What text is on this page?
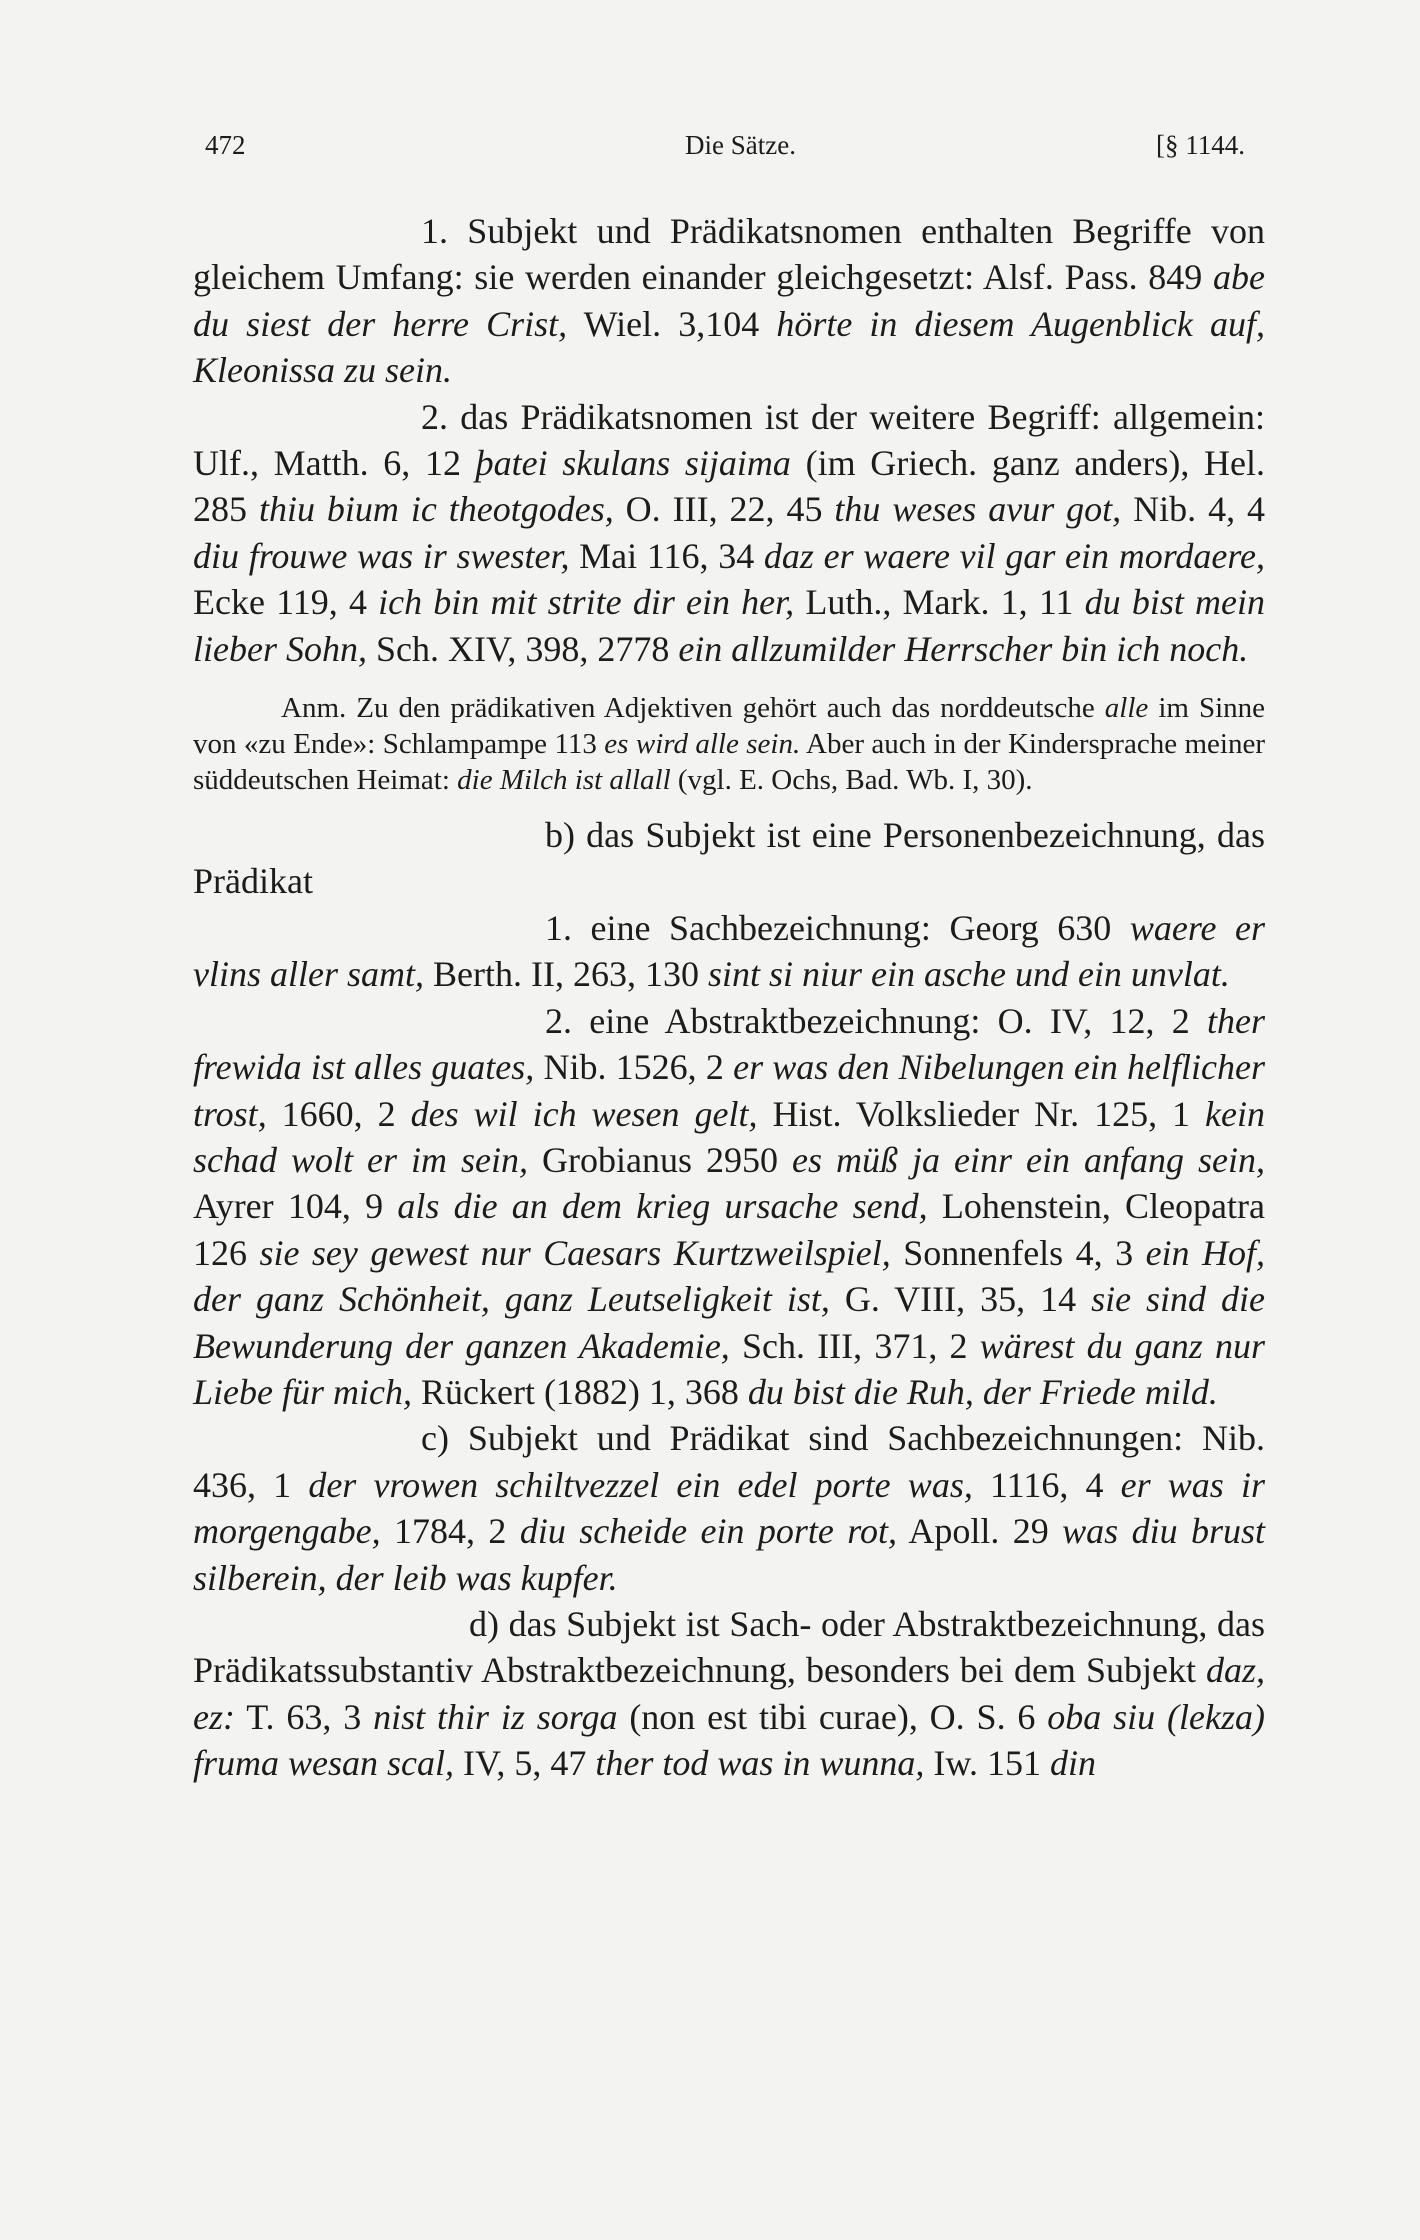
472	Die Sätze.	[§ 1144.

1. Subjekt und Prädikatsnomen enthalten Begriffe von gleichem Umfang: sie werden einander gleichgesetzt: Alsf. Pass. 849 abe du siest der herre Crist, Wiel. 3,104 hörte in diesem Augenblick auf, Kleonissa zu sein.

2. das Prädikatsnomen ist der weitere Begriff: allgemein: Ulf., Matth. 6, 12 þatei skulans sijaima (im Griech. ganz anders), Hel. 285 thiu bium ic theotgodes, O. III, 22, 45 thu weses avur got, Nib. 4, 4 diu frouwe was ir swester, Mai 116, 34 daz er waere vil gar ein mordaere, Ecke 119, 4 ich bin mit strite dir ein her, Luth., Mark. 1, 11 du bist mein lieber Sohn, Sch. XIV, 398, 2778 ein allzumilder Herrscher bin ich noch.

Anm. Zu den prädikativen Adjektiven gehört auch das norddeutsche alle im Sinne von «zu Ende»: Schlampampe 113 es wird alle sein. Aber auch in der Kindersprache meiner süddeutschen Heimat: die Milch ist allall (vgl. E. Ochs, Bad. Wb. I, 30).

b) das Subjekt ist eine Personenbezeichnung, das Prädikat

1. eine Sachbezeichnung: Georg 630 waere er vlins aller samt, Berth. II, 263, 130 sint si niur ein asche und ein unvlat.

2. eine Abstraktbezeichnung: O. IV, 12, 2 ther frewida ist alles guates, Nib. 1526, 2 er was den Nibelungen ein helflicher trost, 1660, 2 des wil ich wesen gelt, Hist. Volkslieder Nr. 125, 1 kein schad wolt er im sein, Grobianus 2950 es müß ja einr ein anfang sein, Ayrer 104, 9 als die an dem krieg ursache send, Lohenstein, Cleopatra 126 sie sey gewest nur Caesars Kurtzweilspiel, Sonnenfels 4, 3 ein Hof, der ganz Schönheit, ganz Leutseligkeit ist, G. VIII, 35, 14 sie sind die Bewunderung der ganzen Akademie, Sch. III, 371, 2 wärest du ganz nur Liebe für mich, Rückert (1882) 1, 368 du bist die Ruh, der Friede mild.

c) Subjekt und Prädikat sind Sachbezeichnungen: Nib. 436, 1 der vrowen schiltvezzel ein edel porte was, 1116, 4 er was ir morgengabe, 1784, 2 diu scheide ein porte rot, Apoll. 29 was diu brust silberein, der leib was kupfer.

d) das Subjekt ist Sach- oder Abstraktbezeichnung, das Prädikatssubstantiv Abstraktbezeichnung, besonders bei dem Subjekt daz, ez: T. 63, 3 nist thir iz sorga (non est tibi curae), O. S. 6 oba siu (lekza) fruma wesan scal, IV, 5, 47 ther tod was in wunna, Iw. 151 din
